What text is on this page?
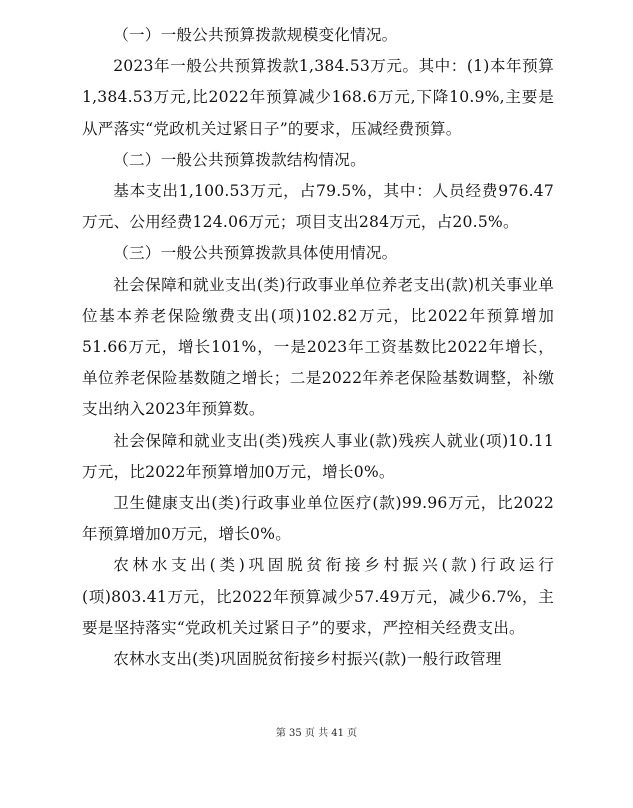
（一）一般公共预算拨款规模变化情况。

2023年一般公共预算拨款1,384.53万元。其中：(1)本年预算1,384.53万元,比2022年预算减少168.6万元,下降10.9%,主要是从严落实“党政机关过紧日子”的要求，压减经费预算。

（二）一般公共预算拨款结构情况。

基本支出1,100.53万元，占79.5%，其中：人员经费976.47万元、公用经费124.06万元；项目支出284万元，占20.5%。

（三）一般公共预算拨款具体使用情况。

社会保障和就业支出(类)行政事业单位养老支出(款)机关事业单位基本养老保险缴费支出(项)102.82万元，比2022年预算增加51.66万元，增长101%，一是2023年工资基数比2022年增长，单位养老保险基数随之增长；二是2022年养老保险基数调整，补缴支出纳入2023年预算数。

社会保障和就业支出(类)残疾人事业(款)残疾人就业(项)10.11万元，比2022年预算增加0万元，增长0%。

卫生健康支出(类)行政事业单位医疗(款)99.96万元，比2022年预算增加0万元，增长0%。

农林水支出(类)巩固脱贫衔接乡村振兴(款)行政运行(项)803.41万元，比2022年预算减少57.49万元，减少6.7%，主要是坚持落实“党政机关过紧日子”的要求，严控相关经费支出。

农林水支出(类)巩固脱贫衔接乡村振兴(款)一般行政管理

第 35 页 共 41 页
